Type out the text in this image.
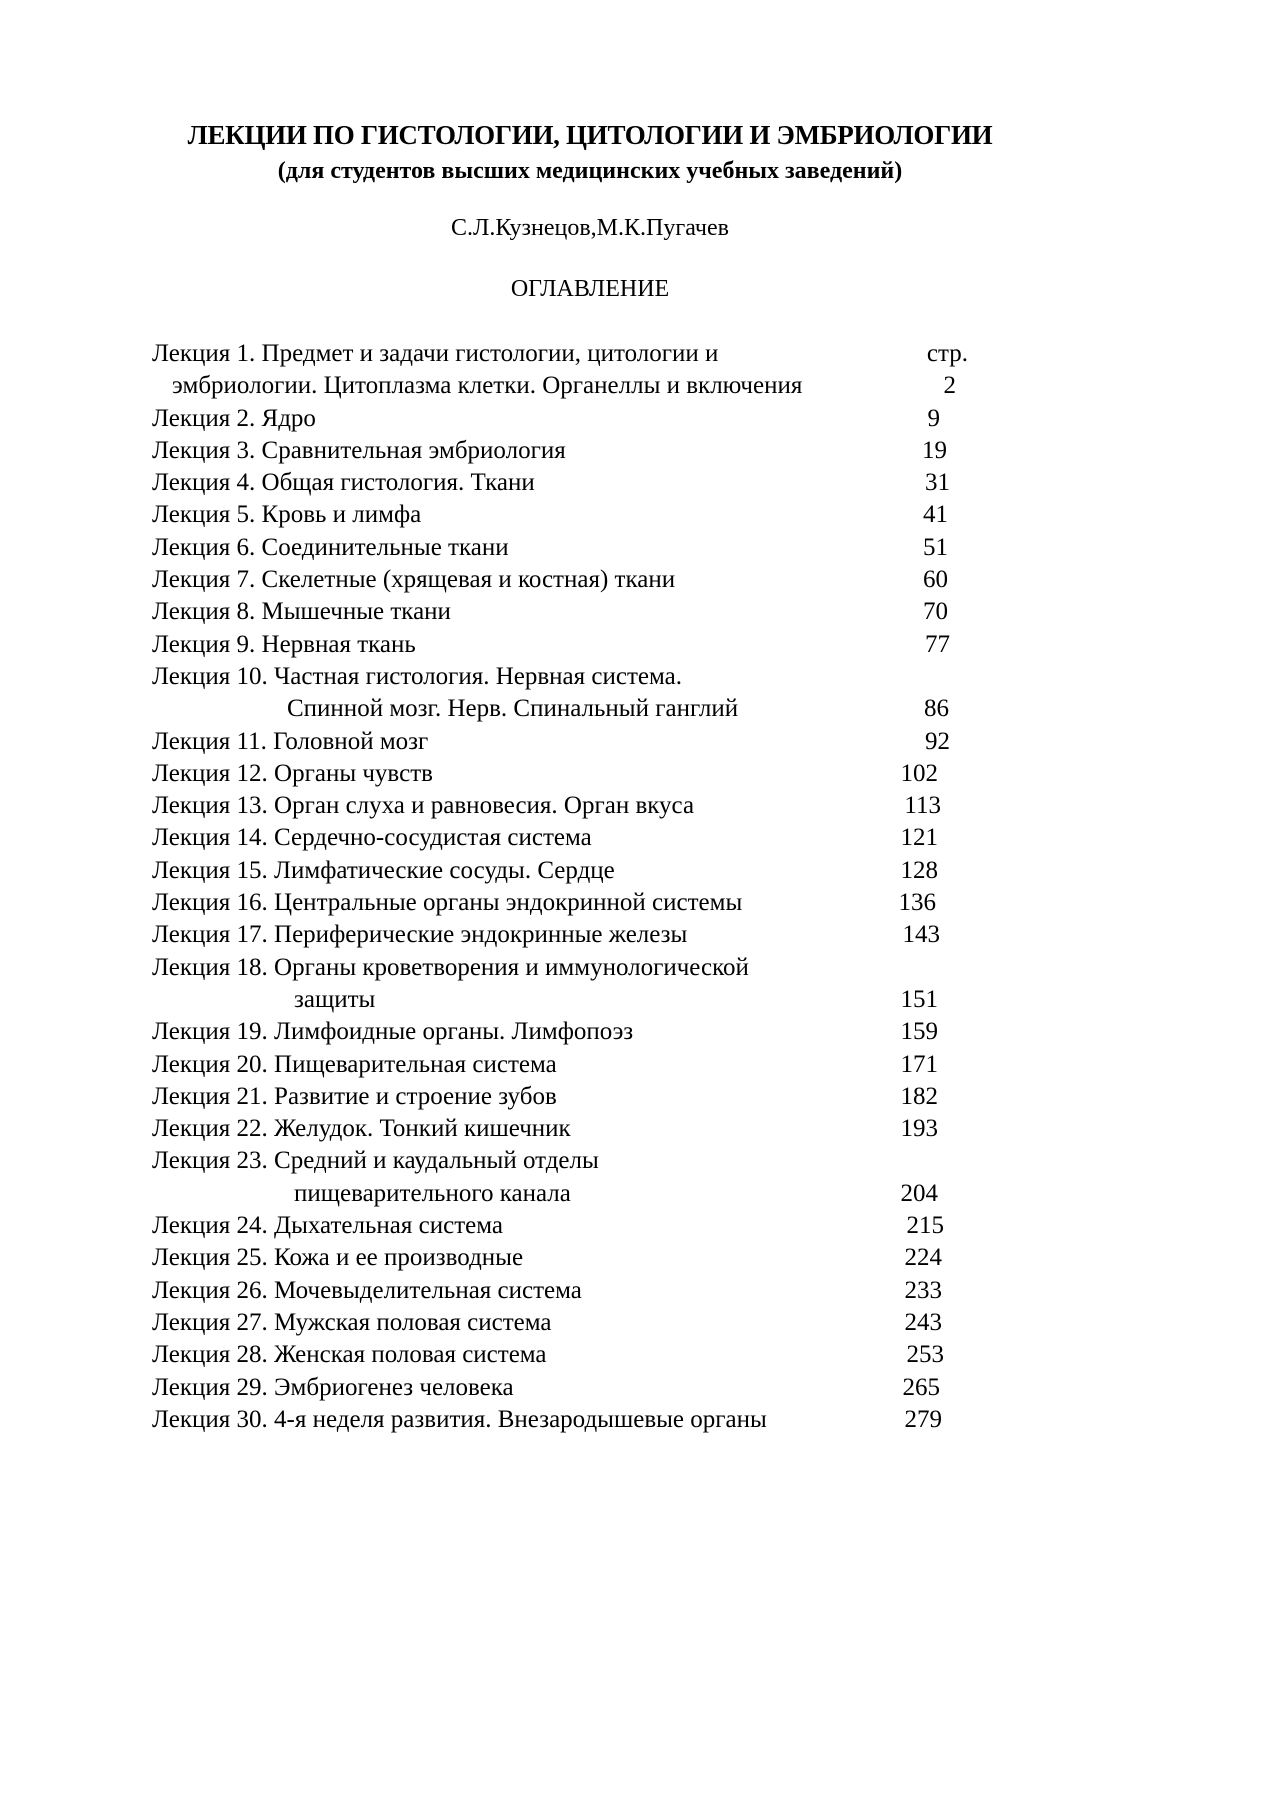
ЛЕКЦИИ ПО ГИСТОЛОГИИ, ЦИТОЛОГИИ И ЭМБРИОЛОГИИ
(для студентов высших медицинских учебных заведений)
С.Л.Кузнецов,М.К.Пугачев
ОГЛАВЛЕНИЕ
Лекция 1. Предмет и задачи гистологии, цитологии и	стр.
эмбриологии. Цитоплазма клетки. Органеллы и включения	2
Лекция 2. Ядро	9
Лекция 3. Сравнительная эмбриология	19
Лекция 4. Общая гистология. Ткани	31
Лекция 5. Кровь и лимфа	41
Лекция 6. Соединительные ткани	51
Лекция 7. Скелетные (хрящевая и костная) ткани	60
Лекция 8. Мышечные ткани	70
Лекция 9. Нервная ткань	77
Лекция 10. Частная гистология. Нервная система.
Спинной мозг. Нерв. Спинальный ганглий	86
Лекция 11. Головной мозг	92
Лекция 12. Органы чувств	102
Лекция 13. Орган слуха и равновесия. Орган вкуса	113
Лекция 14. Сердечно-сосудистая система	121
Лекция 15. Лимфатические сосуды. Сердце	128
Лекция 16. Центральные органы эндокринной системы	136
Лекция 17. Периферические эндокринные железы	143
Лекция 18. Органы кроветворения и иммунологической
защиты	151
Лекция 19. Лимфоидные органы. Лимфопоэз	159
Лекция 20. Пищеварительная система	171
Лекция 21. Развитие и строение зубов	182
Лекция 22. Желудок. Тонкий кишечник	193
Лекция 23. Средний и каудальный отделы
пищеварительного канала	204
Лекция 24. Дыхательная система	215
Лекция 25. Кожа и ее производные	224
Лекция 26. Мочевыделительная система	233
Лекция 27. Мужская половая система	243
Лекция 28. Женская половая система	253
Лекция 29. Эмбриогенез человека	265
Лекция 30. 4-я неделя развития. Внезародышевые органы	279
